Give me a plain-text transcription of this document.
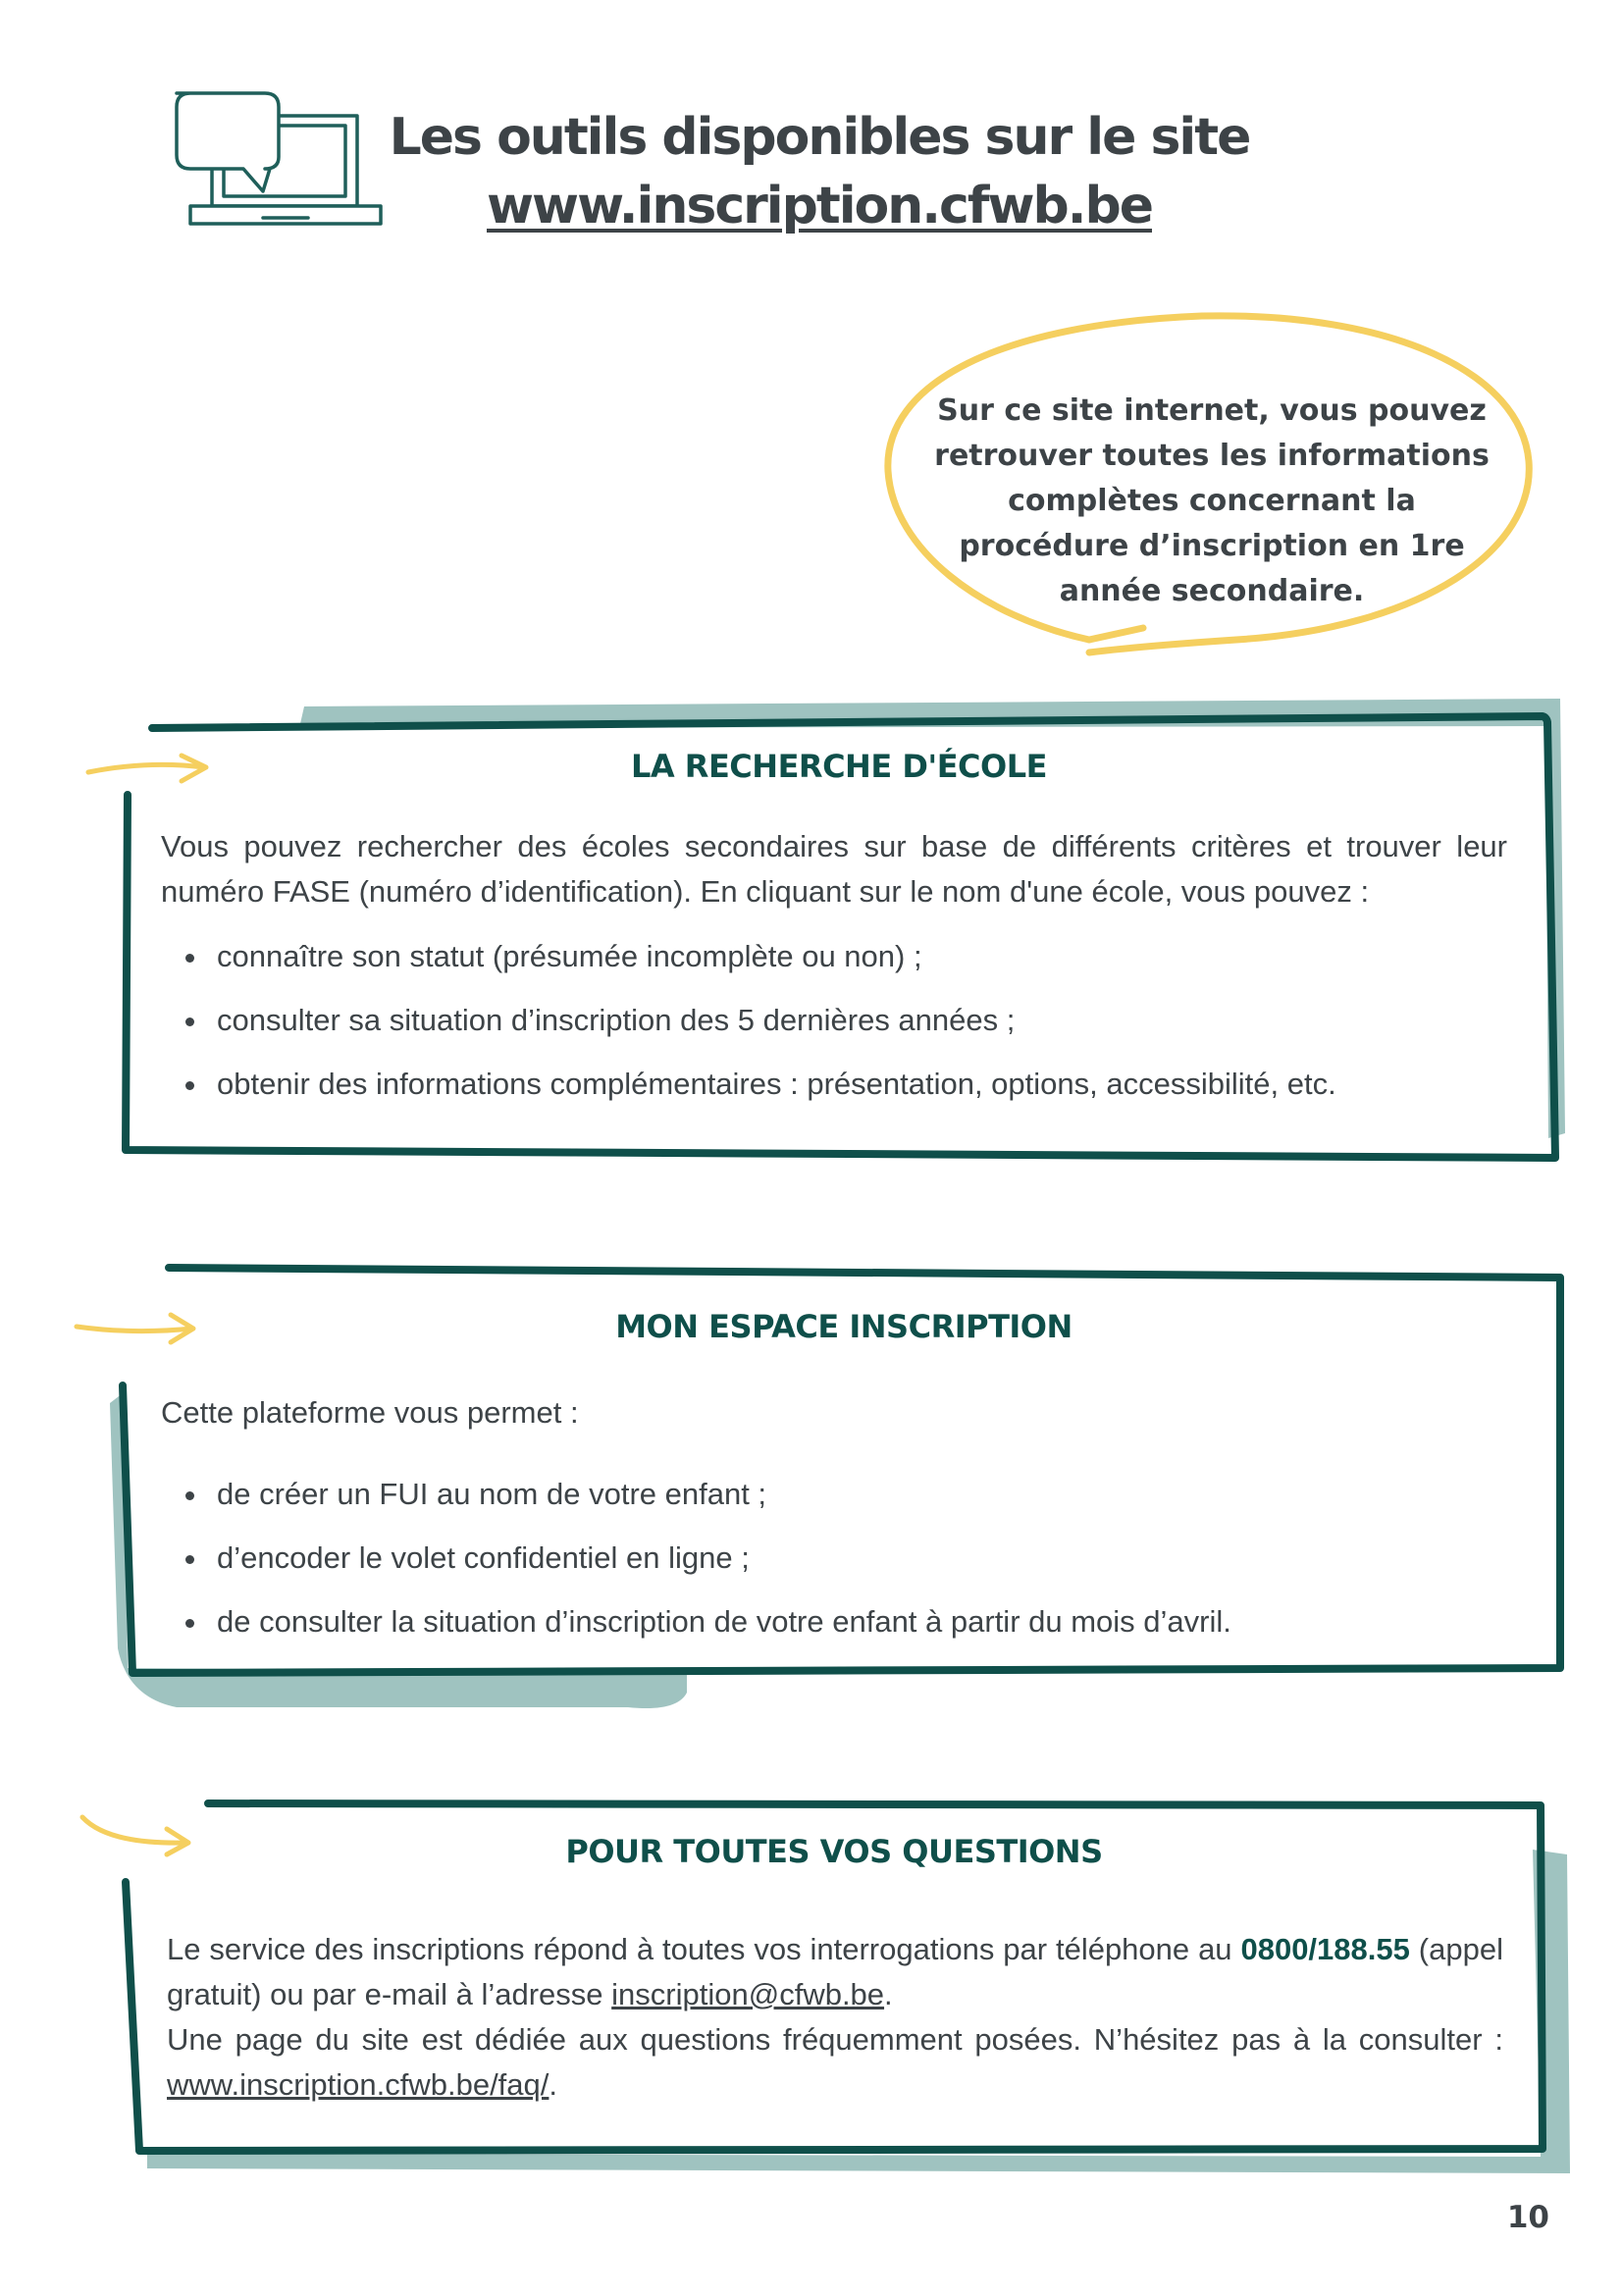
Les outils disponibles sur le site
www.inscription.cfwb.be
Sur ce site internet, vous pouvez retrouver toutes les informations complètes concernant la procédure d’inscription en 1re année secondaire.
LA RECHERCHE D'ÉCOLE
Vous pouvez rechercher des écoles secondaires sur base de différents critères et trouver leur numéro FASE (numéro d’identification). En cliquant sur le nom d'une école, vous pouvez :
connaître son statut (présumée incomplète ou non) ;
consulter sa situation d’inscription des 5 dernières années ;
obtenir des informations complémentaires : présentation, options, accessibilité, etc.
MON ESPACE INSCRIPTION
Cette plateforme vous permet :
de créer un FUI au nom de votre enfant ;
d’encoder le volet confidentiel en ligne ;
de consulter la situation d’inscription de votre enfant à partir du mois d’avril.
POUR TOUTES VOS QUESTIONS
Le service des inscriptions répond à toutes vos interrogations par téléphone au 0800/188.55 (appel gratuit) ou par e-mail à l’adresse inscription@cfwb.be.
Une page du site est dédiée aux questions fréquemment posées. N’hésitez pas à la consulter : www.inscription.cfwb.be/faq/.
10
